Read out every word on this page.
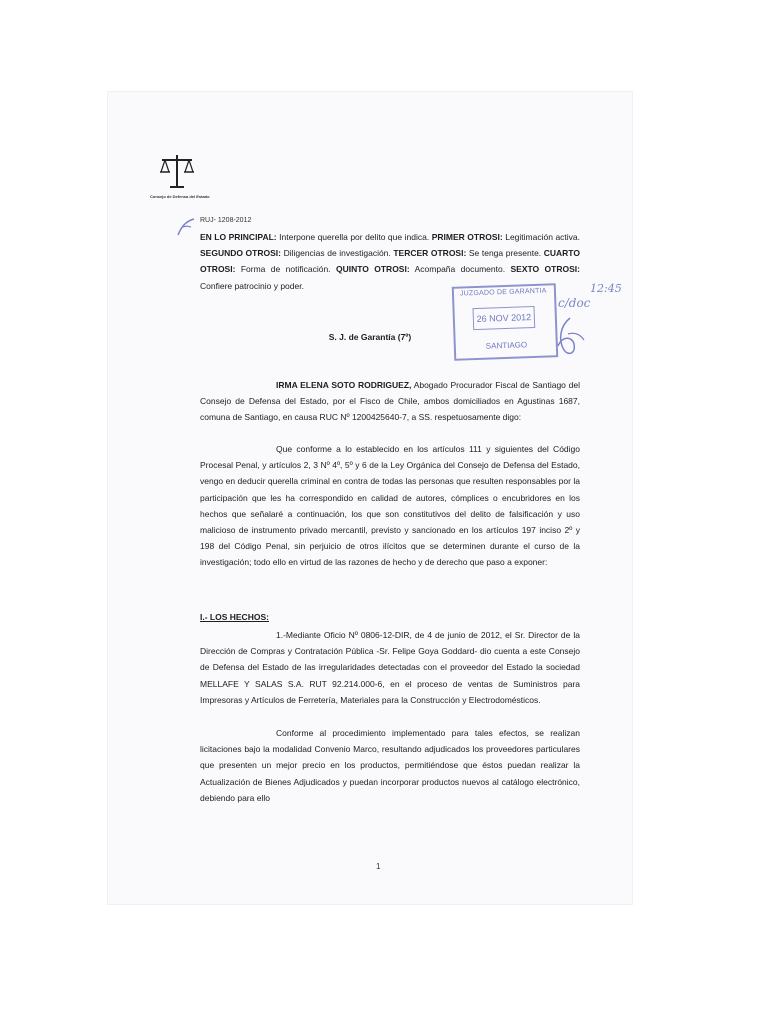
Consejo de Defensa del Estado
RUJ- 1208-2012
EN LO PRINCIPAL: Interpone querella por delito que indica. PRIMER OTROSI: Legitimación activa. SEGUNDO OTROSI: Diligencias de investigación. TERCER OTROSI: Se tenga presente. CUARTO OTROSI: Forma de notificación. QUINTO OTROSI: Acompaña documento. SEXTO OTROSI: Confiere patrocinio y poder.
S. J. de Garantía (7º)
IRMA ELENA SOTO RODRIGUEZ, Abogado Procurador Fiscal de Santiago del Consejo de Defensa del Estado, por el Fisco de Chile, ambos domiciliados en Agustinas 1687, comuna de Santiago, en causa RUC Nº 1200425640-7, a SS. respetuosamente digo:
Que conforme a lo establecido en los artículos 111 y siguientes del Código Procesal Penal, y artículos 2, 3 Nº 4º, 5º y 6 de la Ley Orgánica del Consejo de Defensa del Estado, vengo en deducir querella criminal en contra de todas las personas que resulten responsables por la participación que les ha correspondido en calidad de autores, cómplices o encubridores en los hechos que señalaré a continuación, los que son constitutivos del delito de falsificación y uso malicioso de instrumento privado mercantil, previsto y sancionado en los artículos 197 inciso 2º y 198 del Código Penal, sin perjuicio de otros ilícitos que se determinen durante el curso de la investigación; todo ello en virtud de las razones de hecho y de derecho que paso a exponer:
I.- LOS HECHOS:
1.-Mediante Oficio Nº 0806-12-DIR, de 4 de junio de 2012, el Sr. Director de la Dirección de Compras y Contratación Pública -Sr. Felipe Goya Goddard- dio cuenta a este Consejo de Defensa del Estado de las irregularidades detectadas con el proveedor del Estado la sociedad MELLAFE Y SALAS S.A. RUT 92.214.000-6, en el proceso de ventas de Suministros para Impresoras y Artículos de Ferretería, Materiales para la Construcción y Electrodomésticos.
Conforme al procedimiento implementado para tales efectos, se realizan licitaciones bajo la modalidad Convenio Marco, resultando adjudicados los proveedores particulares que presenten un mejor precio en los productos, permitiéndose que éstos puedan realizar la Actualización de Bienes Adjudicados y puedan incorporar productos nuevos al catálogo electrónico, debiendo para ello
1
JUZGADO DE GARANTIA
26 NOV 2012
SANTIAGO
12:45
c/doc
